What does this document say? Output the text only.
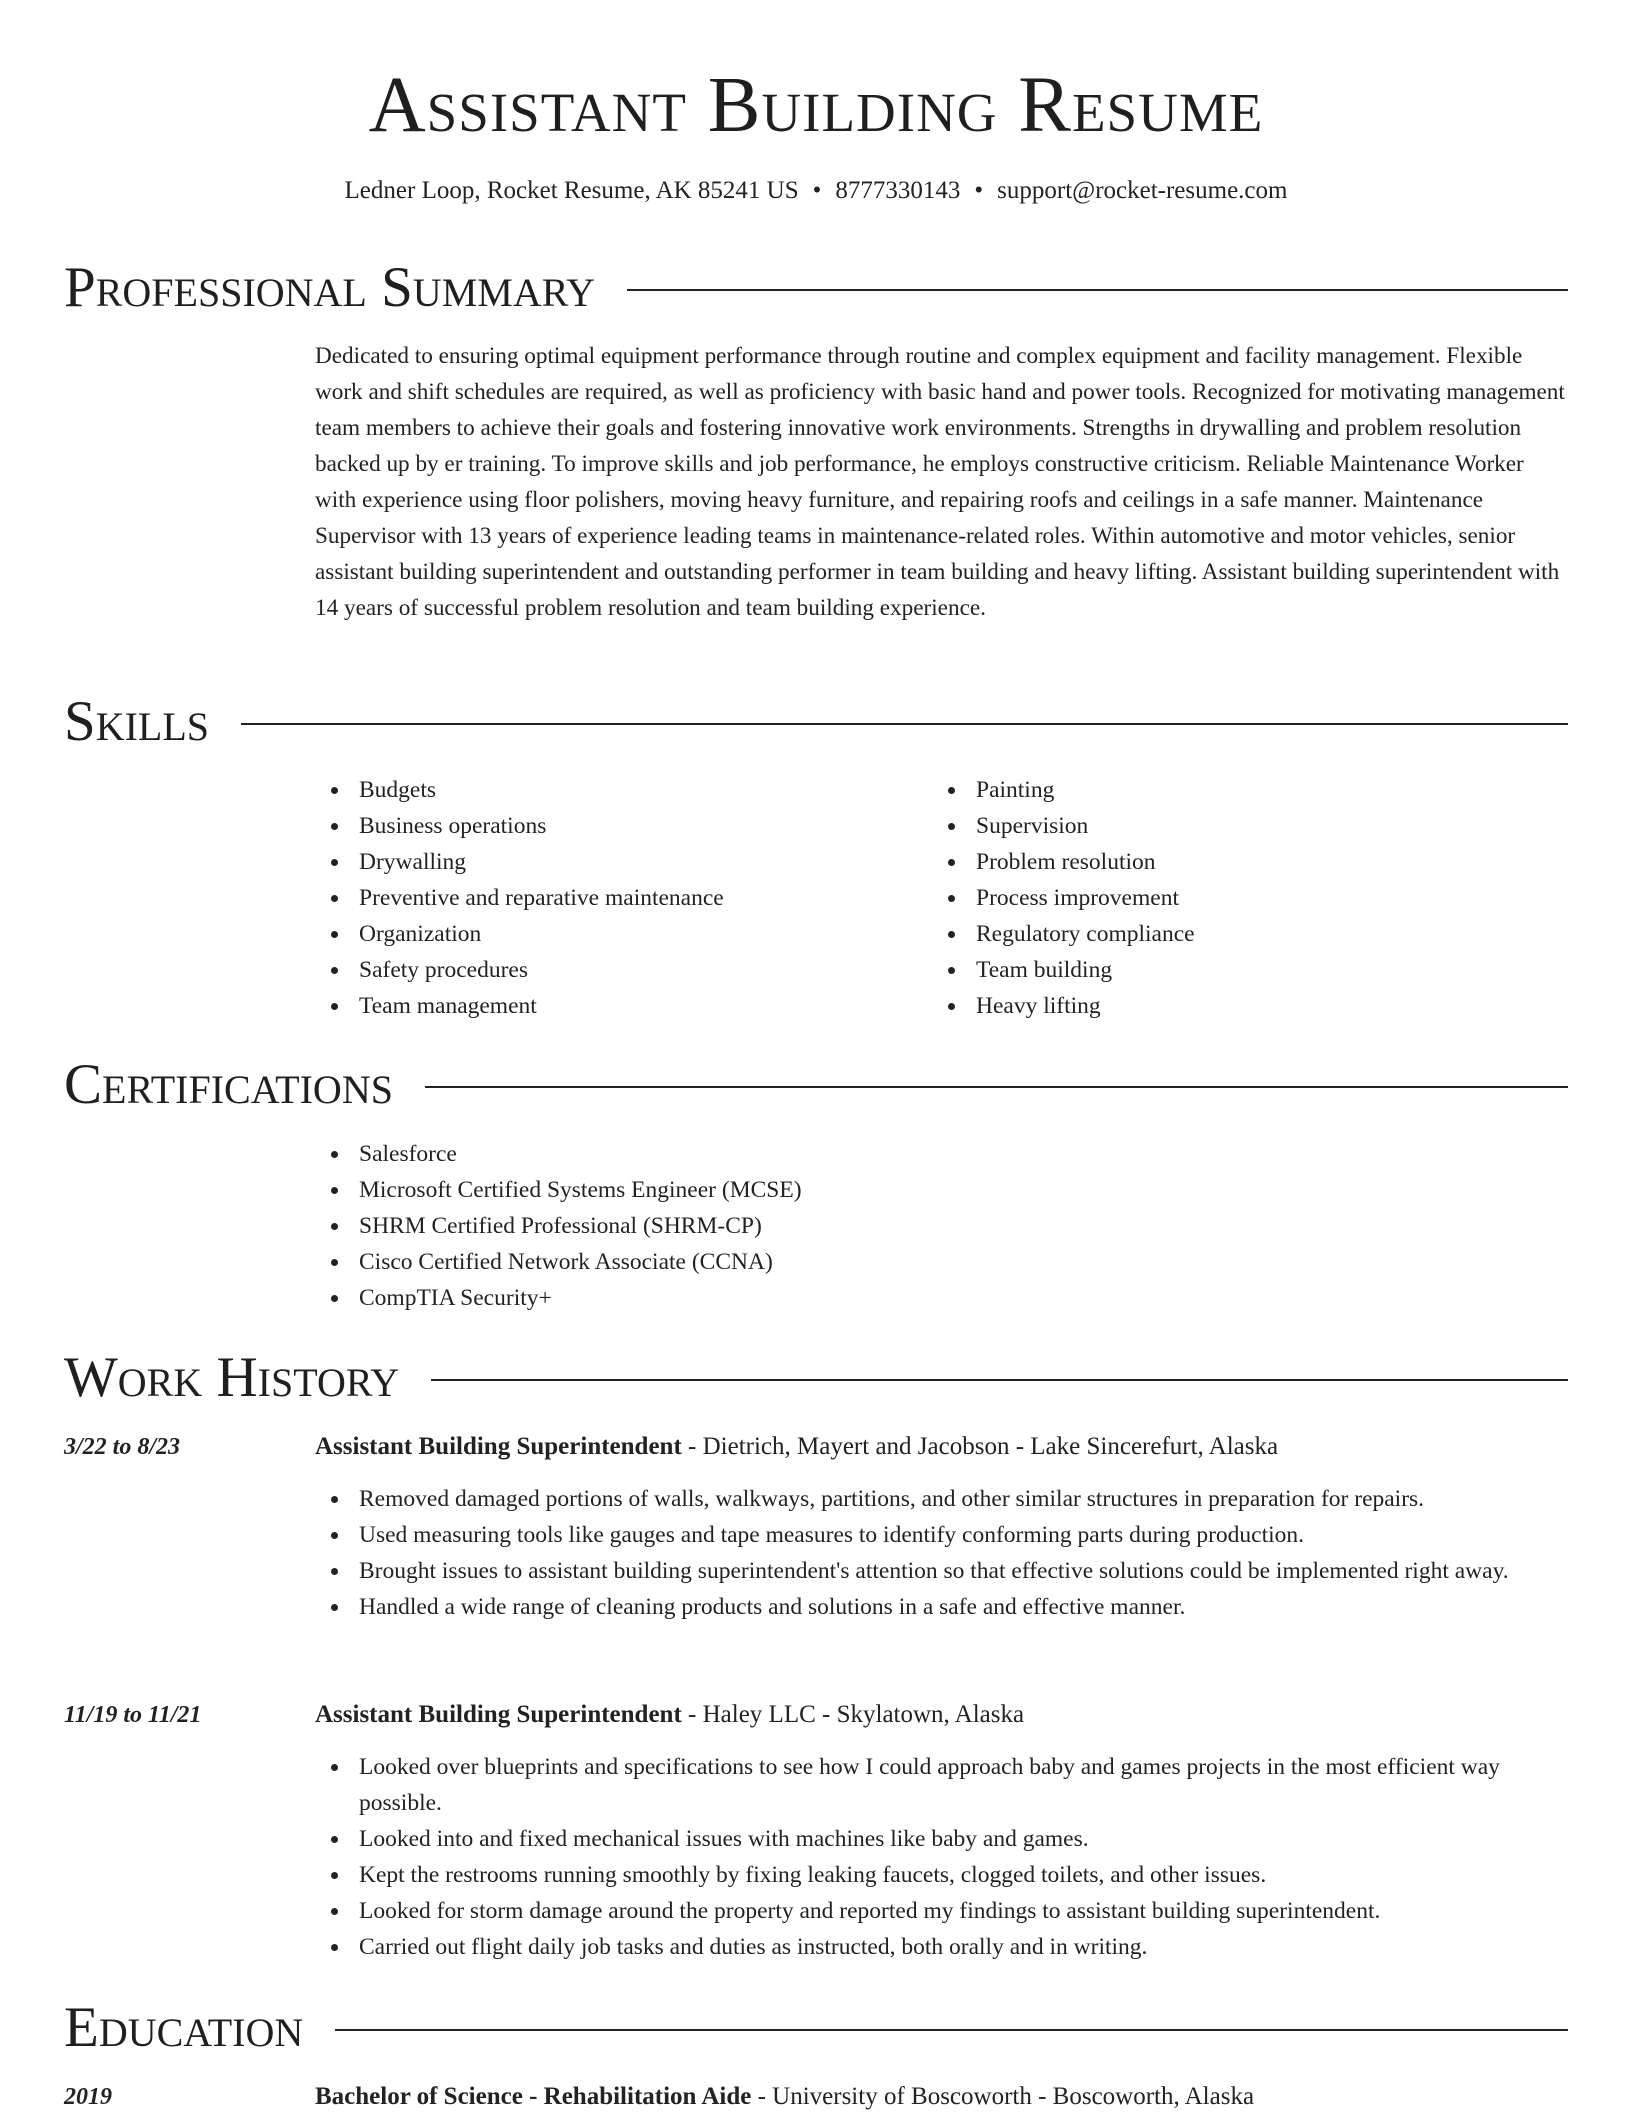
Assistant Building Resume
Ledner Loop, Rocket Resume, AK 85241 US • 8777330143 • support@rocket-resume.com
Professional Summary

Dedicated to ensuring optimal equipment performance through routine and complex equipment and facility management. Flexible work and shift schedules are required, as well as proficiency with basic hand and power tools. Recognized for motivating management team members to achieve their goals and fostering innovative work environments. Strengths in drywalling and problem resolution backed up by er training. To improve skills and job performance, he employs constructive criticism. Reliable Maintenance Worker with experience using floor polishers, moving heavy furniture, and repairing roofs and ceilings in a safe manner. Maintenance Supervisor with 13 years of experience leading teams in maintenance-related roles. Within automotive and motor vehicles, senior assistant building superintendent and outstanding performer in team building and heavy lifting. Assistant building superintendent with 14 years of successful problem resolution and team building experience.

Skills
Budgets
Business operations
Drywalling
Preventive and reparative maintenance
Organization
Safety procedures
Team management
Painting
Supervision
Problem resolution
Process improvement
Regulatory compliance
Team building
Heavy lifting
Certifications
Salesforce
Microsoft Certified Systems Engineer (MCSE)
SHRM Certified Professional (SHRM-CP)
Cisco Certified Network Associate (CCNA)
CompTIA Security+
Work History
3/22 to 8/23	Assistant Building Superintendent - Dietrich, Mayert and Jacobson - Lake Sincerefurt, Alaska
Removed damaged portions of walls, walkways, partitions, and other similar structures in preparation for repairs.
Used measuring tools like gauges and tape measures to identify conforming parts during production.
Brought issues to assistant building superintendent's attention so that effective solutions could be implemented right away.
Handled a wide range of cleaning products and solutions in a safe and effective manner.
11/19 to 11/21	Assistant Building Superintendent - Haley LLC - Skylatown, Alaska
Looked over blueprints and specifications to see how I could approach baby and games projects in the most efficient way possible.
Looked into and fixed mechanical issues with machines like baby and games.
Kept the restrooms running smoothly by fixing leaking faucets, clogged toilets, and other issues.
Looked for storm damage around the property and reported my findings to assistant building superintendent.
Carried out flight daily job tasks and duties as instructed, both orally and in writing.
Education
2019	Bachelor of Science - Rehabilitation Aide - University of Boscoworth - Boscoworth, Alaska
